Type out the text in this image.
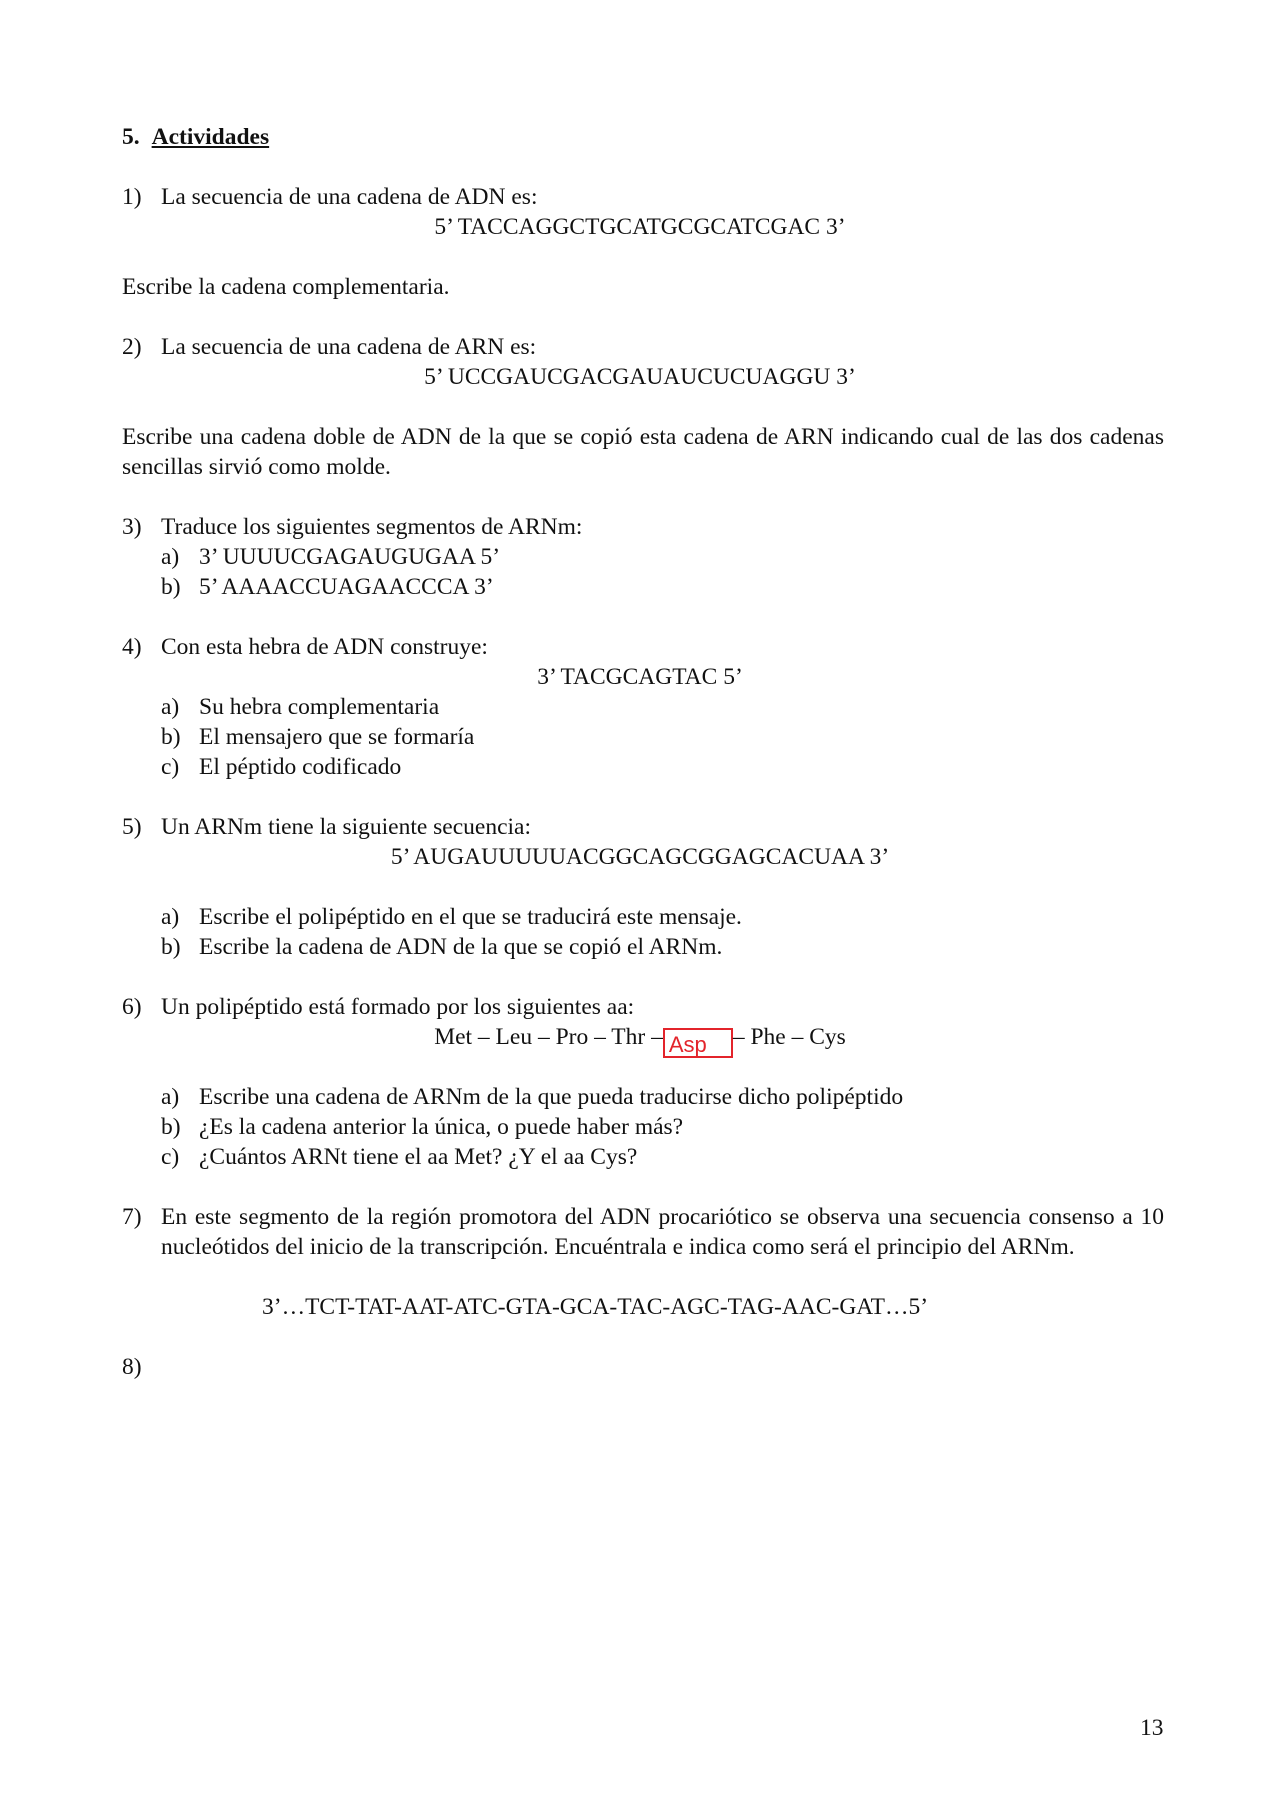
5. Actividades
1) La secuencia de una cadena de ADN es:
5’ TACCAGGCTGCATGCGCATCGAC 3’
Escribe la cadena complementaria.
2) La secuencia de una cadena de ARN es:
5’ UCCGAUCGACGAUAUCUCUAGGU 3’
Escribe una cadena doble de ADN de la que se copió esta cadena de ARN indicando cual de las dos cadenas sencillas sirvió como molde.
3) Traduce los siguientes segmentos de ARNm:
a) 3’ UUUUCGAGAUGUGAA 5’
b) 5’ AAAACCUAGAACCCA 3’
4) Con esta hebra de ADN construye:
3’ TACGCAGTAC 5’
a) Su hebra complementaria
b) El mensajero que se formaría
c) El péptido codificado
5) Un ARNm tiene la siguiente secuencia:
5’ AUGAUUUUUACGGCAGCGGAGCACUAA 3’
a) Escribe el polipéptido en el que se traducirá este mensaje.
b) Escribe la cadena de ADN de la que se copió el ARNm.
6) Un polipéptido está formado por los siguientes aa:
Met – Leu – Pro – Thr – Asp – Phe – Cys
a) Escribe una cadena de ARNm de la que pueda traducirse dicho polipéptido
b) ¿Es la cadena anterior la única, o puede haber más?
c) ¿Cuántos ARNt tiene el aa Met? ¿Y el aa Cys?
7) En este segmento de la región promotora del ADN procariótico se observa una secuencia consenso a 10 nucleótidos del inicio de la transcripción. Encuéntrala e indica como será el principio del ARNm.
3’…TCT-TAT-AAT-ATC-GTA-GCA-TAC-AGC-TAG-AAC-GAT…5’
8)
13
